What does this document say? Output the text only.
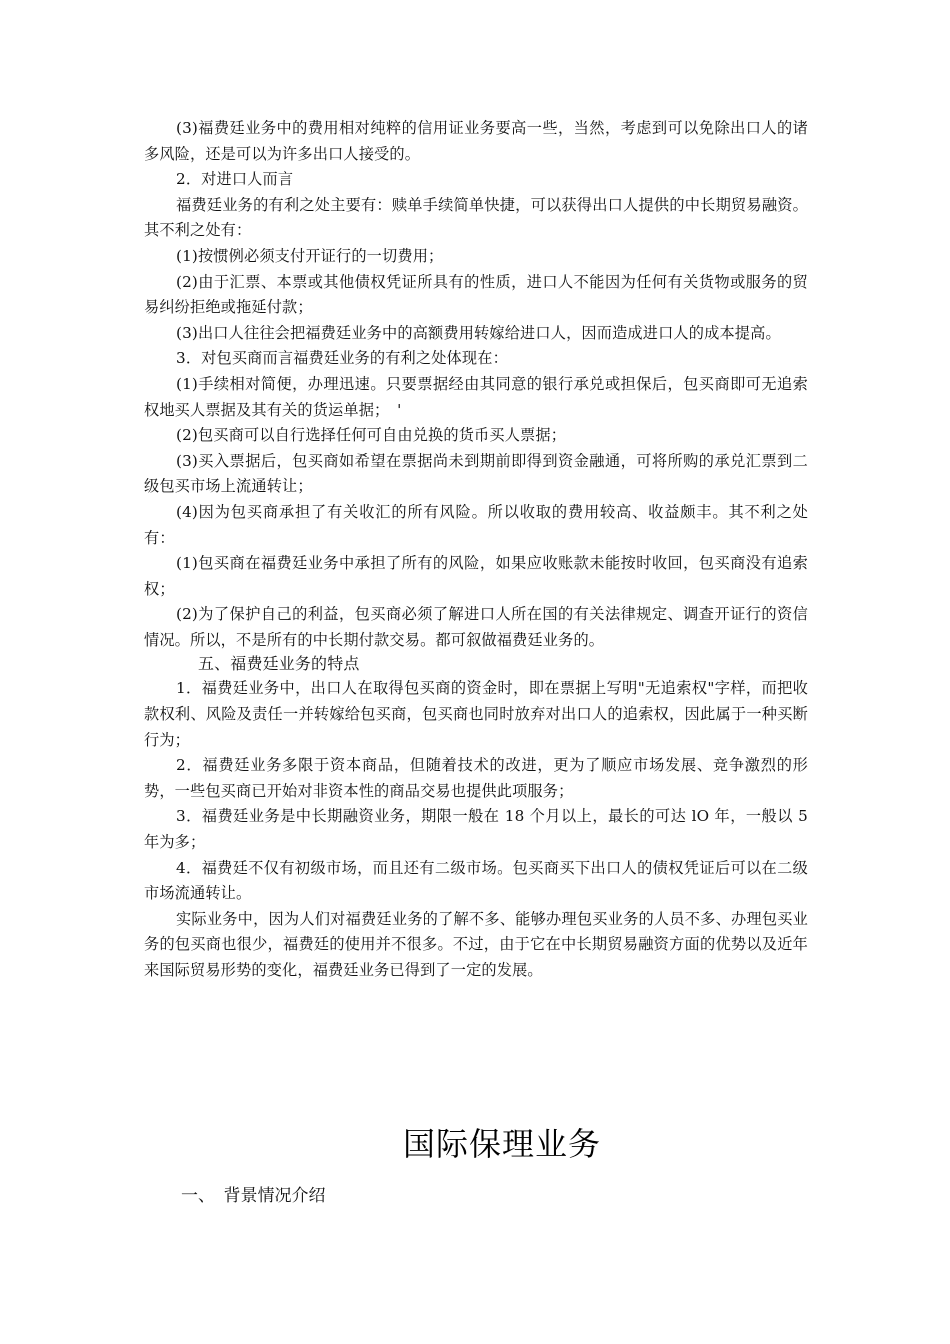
(3)福费廷业务中的费用相对纯粹的信用证业务要高一些，当然，考虑到可以免除出口人的诸多风险，还是可以为许多出口人接受的。

2．对进口人而言

福费廷业务的有利之处主要有：赎单手续简单快捷，可以获得出口人提供的中长期贸易融资。其不利之处有：

(1)按惯例必须支付开证行的一切费用；

(2)由于汇票、本票或其他债权凭证所具有的性质，进口人不能因为任何有关货物或服务的贸易纠纷拒绝或拖延付款；

(3)出口人往往会把福费廷业务中的高额费用转嫁给进口人，因而造成进口人的成本提高。

3．对包买商而言福费廷业务的有利之处体现在：

(1)手续相对简便，办理迅速。只要票据经由其同意的银行承兑或担保后，包买商即可无追索权地买人票据及其有关的货运单据；　'

(2)包买商可以自行选择任何可自由兑换的货币买人票据；

(3)买入票据后，包买商如希望在票据尚未到期前即得到资金融通，可将所购的承兑汇票到二级包买市场上流通转让；

(4)因为包买商承担了有关收汇的所有风险。所以收取的费用较高、收益颇丰。其不利之处有：

(1)包买商在福费廷业务中承担了所有的风险，如果应收账款未能按时收回，包买商没有追索权；

(2)为了保护自己的利益，包买商必须了解进口人所在国的有关法律规定、调查开证行的资信情况。所以，不是所有的中长期付款交易。都可叙做福费廷业务的。

五、福费廷业务的特点

1．福费廷业务中，出口人在取得包买商的资金时，即在票据上写明"无追索权"字样，而把收款权利、风险及责任一并转嫁给包买商，包买商也同时放弃对出口人的追索权，因此属于一种买断行为；

2．福费廷业务多限于资本商品，但随着技术的改进，更为了顺应市场发展、竞争激烈的形势，一些包买商已开始对非资本性的商品交易也提供此项服务；

3．福费廷业务是中长期融资业务，期限一般在 18 个月以上，最长的可达 lO 年，一般以 5 年为多；

4．福费廷不仅有初级市场，而且还有二级市场。包买商买下出口人的债权凭证后可以在二级市场流通转让。

实际业务中，因为人们对福费廷业务的了解不多、能够办理包买业务的人员不多、办理包买业务的包买商也很少，福费廷的使用并不很多。不过，由于它在中长期贸易融资方面的优势以及近年来国际贸易形势的变化，福费廷业务已得到了一定的发展。

国际保理业务
一、　背景情况介绍
